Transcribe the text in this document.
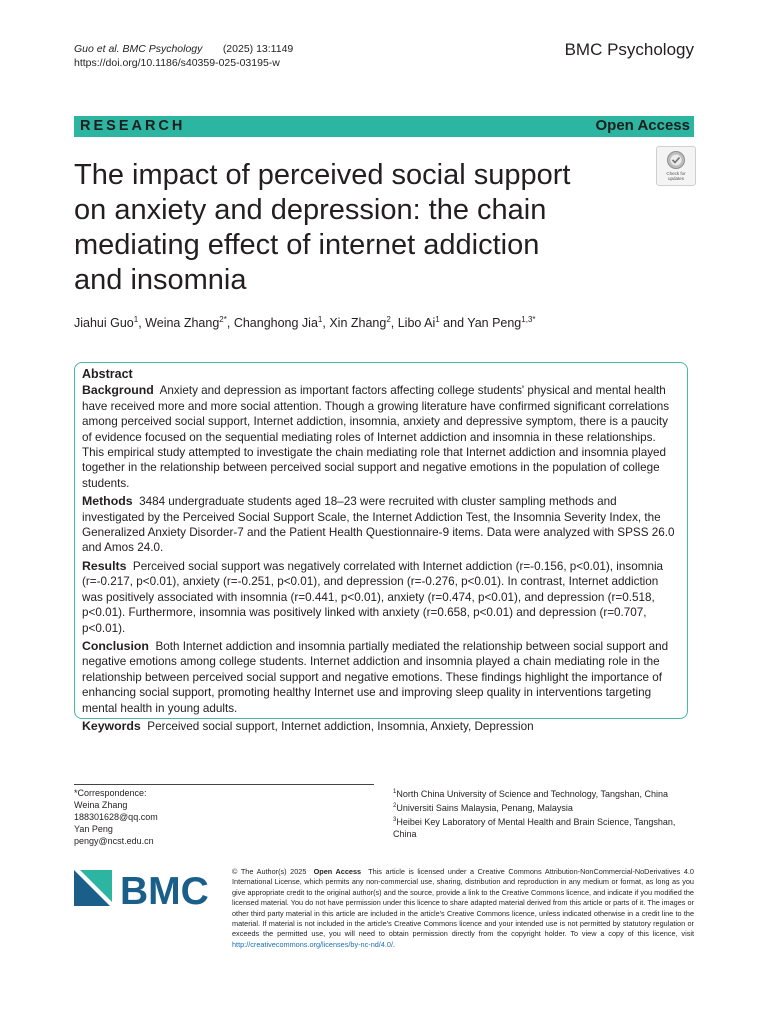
Guo et al. BMC Psychology (2025) 13:1149
https://doi.org/10.1186/s40359-025-03195-w
BMC Psychology
RESEARCH	Open Access
Check for
updates
The impact of perceived social support on anxiety and depression: the chain mediating effect of internet addiction and insomnia
Jiahui Guo$^1$, Weina Zhang$^{2*}$, Changhong Jia$^1$, Xin Zhang$^2$, Libo Ai$^1$ and Yan Peng$^{1,3*}$
Abstract

Background Anxiety and depression as important factors affecting college students' physical and mental health have received more and more social attention. Though a growing literature have confirmed significant correlations among perceived social support, Internet addiction, insomnia, anxiety and depressive symptom, there is a paucity of evidence focused on the sequential mediating roles of Internet addiction and insomnia in these relationships. This empirical study attempted to investigate the chain mediating role that Internet addiction and insomnia played together in the relationship between perceived social support and negative emotions in the population of college students.

Methods 3484 undergraduate students aged 18–23 were recruited with cluster sampling methods and investigated by the Perceived Social Support Scale, the Internet Addiction Test, the Insomnia Severity Index, the Generalized Anxiety Disorder-7 and the Patient Health Questionnaire-9 items. Data were analyzed with SPSS 26.0 and Amos 24.0.

Results Perceived social support was negatively correlated with Internet addiction (r=-0.156, p<0.01), insomnia (r=-0.217, p<0.01), anxiety (r=-0.251, p<0.01), and depression (r=-0.276, p<0.01). In contrast, Internet addiction was positively associated with insomnia (r=0.441, p<0.01), anxiety (r=0.474, p<0.01), and depression (r=0.518, p<0.01). Furthermore, insomnia was positively linked with anxiety (r=0.658, p<0.01) and depression (r=0.707, p<0.01).

Conclusion Both Internet addiction and insomnia partially mediated the relationship between social support and negative emotions among college students. Internet addiction and insomnia played a chain mediating role in the relationship between perceived social support and negative emotions. These findings highlight the importance of enhancing social support, promoting healthy Internet use and improving sleep quality in interventions targeting mental health in young adults.

Keywords Perceived social support, Internet addiction, Insomnia, Anxiety, Depression

*Correspondence:
Weina Zhang
188301628@qq.com
Yan Peng
pengy@ncst.edu.cn
$^1$North China University of Science and Technology, Tangshan, China
$^2$Universiti Sains Malaysia, Penang, Malaysia
$^3$Heibei Key Laboratory of Mental Health and Brain Science, Tangshan, China
BMC	© The Author(s) 2025 Open Access This article is licensed under a Creative Commons Attribution-NonCommercial-NoDerivatives 4.0 International License, which permits any non-commercial use, sharing, distribution and reproduction in any medium or format, as long as you give appropriate credit to the original author(s) and the source, provide a link to the Creative Commons licence, and indicate if you modified the licensed material. You do not have permission under this licence to share adapted material derived from this article or parts of it. The images or other third party material in this article are included in the article's Creative Commons licence, unless indicated otherwise in a credit line to the material. If material is not included in the article's Creative Commons licence and your intended use is not permitted by statutory regulation or exceeds the permitted use, you will need to obtain permission directly from the copyright holder. To view a copy of this licence, visit http://creativecommons.org/licenses/by-nc-nd/4.0/.
